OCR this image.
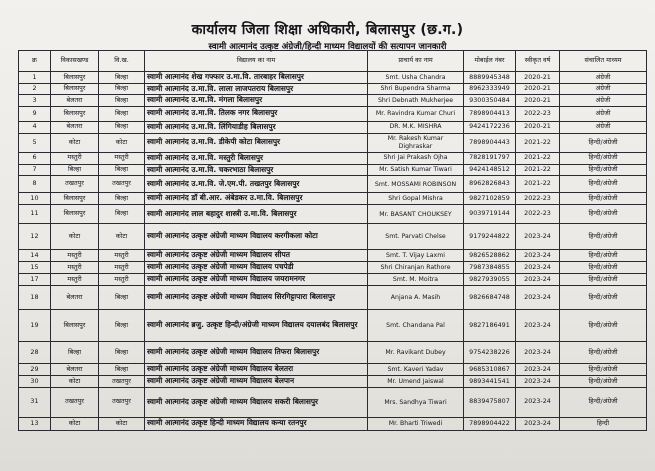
कार्यालय जिला शिक्षा अधिकारी, बिलासपुर (छ.ग.)
स्वामी आत्मानंद उत्कृष्ट अंग्रेजी/हिन्दी माध्यम विद्यालयों की सत्यापन जानकारी
क्र	विकासखण्ड	वि.ख.	विद्यालय का नाम	प्राचार्य का नाम	मोबाईल नंबर	स्वीकृत वर्ष	संचालित माध्यम
1	बिलासपुर	बिल्हा	स्वामी आत्मानंद शेख गफ्फार उ.मा.वि. तारबाहर बिलासपुर	Smt. Usha Chandra	8889945348	2020-21	अंग्रेजी
2	बिलासपुर	बिल्हा	स्वामी आत्मानंद उ.मा.वि. लाला लाजपतराय बिलासपुर	Shri Bupendra Sharma	8962333949	2020-21	अंग्रेजी
3	बेलतरा	बिल्हा	स्वामी आत्मानंद उ.मा.वि. मंगला बिलासपुर	Shri Debnath Mukherjee	9300350484	2020-21	अंग्रेजी
9	बिलासपुर	बिल्हा	स्वामी आत्मानंद उ.मा.वि. तिलक नगर बिलासपुर	Mr. Ravindra Kumar Churi	7898904413	2022-23	अंग्रेजी
4	बेलतरा	बिल्हा	स्वामी आत्मानंद उ.मा.वि. लिंगियाडीह बिलासपुर	DR. M.K. MISHRA	9424172236	2020-21	अंग्रेजी
5	कोटा	कोटा	स्वामी आत्मानंद उ.मा.वि. डीकेपी कोटा बिलासपुर	Mr. Rakesh Kumar Dighraskar	7898904443	2021-22	हिन्दी/अंग्रेजी
6	मस्तुरी	मस्तुरी	स्वामी आत्मानंद उ.मा.वि. मस्तुरी बिलासपुर	Shri Jai Prakash Ojha	7828191797	2021-22	हिन्दी/अंग्रेजी
7	बिल्हा	बिल्हा	स्वामी आत्मानंद उ.मा.वि. चकरभाठा बिलासपुर	Mr. Satish Kumar Tiwari	9424148512	2021-22	हिन्दी/अंग्रेजी
8	तखतपुर	तखतपुर	स्वामी आत्मानंद उ.मा.वि. जे.एम.पी. तखतपुर बिलासपुर	Smt. MOSSAMI ROBINSON	8962826843	2021-22	हिन्दी/अंग्रेजी
10	बिलासपुर	बिल्हा	स्वामी आत्मानंद डॉ बी.आर. अंबेडकर उ.मा.वि. बिलासपुर	Shri Gopal Mishra	9827102859	2022-23	हिन्दी/अंग्रेजी
11	बिलासपुर	बिल्हा	स्वामी आत्मानंद लाल बहादुर शास्त्री उ.मा.वि. बिलासपुर	Mr. BASANT CHOUKSEY	9039719144	2022-23	हिन्दी/अंग्रेजी
12	कोटा	कोटा	स्वामी आत्मानंद उत्कृष्ट अंग्रेजी माध्यम विद्यालय करगीकला कोटा	Smt. Parvati Chelse	9179244822	2023-24	हिन्दी/अंग्रेजी
14	मस्तुरी	मस्तुरी	स्वामी आत्मानंद उत्कृष्ट अंग्रेजी माध्यम विद्यालय सीपत	Smt. T. Vijay Laxmi	9826528862	2023-24	हिन्दी/अंग्रेजी
15	मस्तुरी	मस्तुरी	स्वामी आत्मानंद उत्कृष्ट अंग्रेजी माध्यम विद्यालय पचपेडी	Shri Chiranjan Rathore	7987384855	2023-24	हिन्दी/अंग्रेजी
17	मस्तुरी	मस्तुरी	स्वामी आत्मानंद उत्कृष्ट अंग्रेजी माध्यम विद्यालय जयरामनगर	Smt. M. Moitra	9827939055	2023-24	हिन्दी/अंग्रेजी
18	बेलतरा	बिल्हा	स्वामी आत्मानंद उत्कृष्ट अंग्रेजी माध्यम विद्यालय सिरगिट्टापारा बिलासपुर	Anjana A. Masih	9826684748	2023-24	हिन्दी/अंग्रेजी
19	बिलासपुर	बिल्हा	स्वामी आत्मानंद ब्रजु. उत्कृष्ट हिन्दी/अंग्रेजी माध्यम विद्यालय दयालबंद बिलासपुर	Smt. Chandana Pal	9827186491	2023-24	हिन्दी/अंग्रेजी
28	बिल्हा	बिल्हा	स्वामी आत्मानंद उत्कृष्ट अंग्रेजी माध्यम विद्यालय तिफरा बिलासपुर	Mr. Ravikant Dubey	9754238226	2023-24	हिन्दी/अंग्रेजी
29	बेलतरा	बिल्हा	स्वामी आत्मानंद उत्कृष्ट अंग्रेजी माध्यम विद्यालय बेलतरा	Smt. Kaveri Yadav	9685310867	2023-24	हिन्दी/अंग्रेजी
30	कोटा	तखतपुर	स्वामी आत्मानंद उत्कृष्ट अंग्रेजी माध्यम विद्यालय बेलपान	Mr. Umend Jaiswal	9893441541	2023-24	हिन्दी/अंग्रेजी
31	तखतपुर	तखतपुर	स्वामी आत्मानंद उत्कृष्ट अंग्रेजी माध्यम विद्यालय सकरी बिलासपुर	Mrs. Sandhya Tiwari	8839475807	2023-24	हिन्दी/अंग्रेजी
13	कोटा	कोटा	स्वामी आत्मानंद उत्कृष्ट हिन्दी माध्यम विद्यालय कन्या रतनपुर	Mr. Bharti Triwedi	7898904422	2023-24	हिन्दी
